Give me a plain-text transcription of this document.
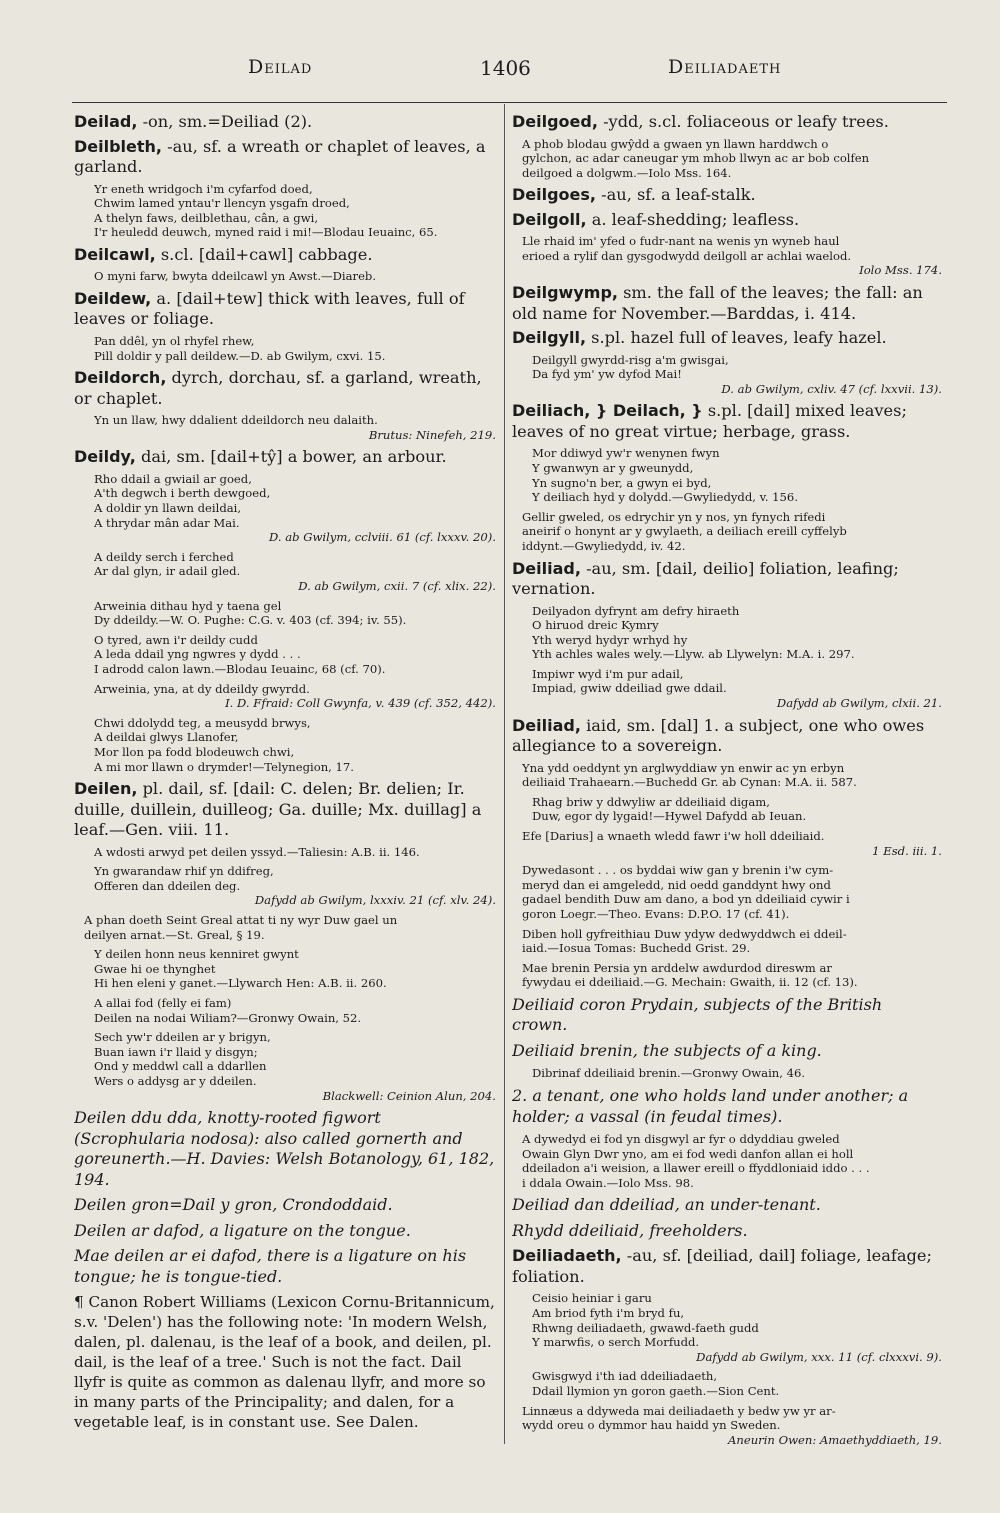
Deilad	1406	Deiliadaeth

Deilad, -on, sm.=Deiliad (2).

Deilbleth, -au, sf. a wreath or chaplet of leaves, a garland.

Yr eneth wridgoch i'm cyfarfod doed,
Chwim lamed yntau'r llencyn ysgafn droed,
A thelyn faws, deilblethau, cân, a gwi,
I'r heuledd deuwch, myned raid i mi!—Blodau Ieuainc, 65.

Deilcawl, s.cl. [dail+cawl] cabbage.

O myni farw, bwyta ddeilcawl yn Awst.—Diareb.

Deildew, a. [dail+tew] thick with leaves, full of leaves or foliage.

Pan ddêl, yn ol rhyfel rhew,
Pill doldir y pall deildew.—D. ab Gwilym, cxvi. 15.

Deildorch, dyrch, dorchau, sf. a garland, wreath, or chaplet.

Yn un llaw, hwy ddalient ddeildorch neu dalaith.
Brutus: Ninefeh, 219.

Deildy, dai, sm. [dail+tŷ] a bower, an arbour.

Rho ddail a gwiail ar goed,
A'th degwch i berth dewgoed,
A doldir yn llawn deildai,
A thrydar mân adar Mai.
D. ab Gwilym, cclviii. 61 (cf. lxxxv. 20).
A deildy serch i ferched
Ar dal glyn, ir adail gled.
D. ab Gwilym, cxii. 7 (cf. xlix. 22).
Arweinia dithau hyd y taena gel
Dy ddeildy.—W. O. Pughe: C.G. v. 403 (cf. 394; iv. 55).
O tyred, awn i'r deildy cudd
A leda ddail yng ngwres y dydd . . .
I adrodd calon lawn.—Blodau Ieuainc, 68 (cf. 70).
Arweinia, yna, at dy ddeildy gwyrdd.
I. D. Ffraid: Coll Gwynfa, v. 439 (cf. 352, 442).
Chwi ddolydd teg, a meusydd brwys,
A deildai glwys Llanofer,
Mor llon pa fodd blodeuwch chwi,
A mi mor llawn o drymder!—Telynegion, 17.

Deilen, pl. dail, sf. [dail: C. delen; Br. delien; Ir. duille, duillein, duilleog; Ga. duille; Mx. duillag] a leaf.—Gen. viii. 11.

A wdosti arwyd pet deilen yssyd.—Taliesin: A.B. ii. 146.
Yn gwarandaw rhif yn ddifreg,
Offeren dan ddeilen deg.
Dafydd ab Gwilym, lxxxiv. 21 (cf. xlv. 24).
A phan doeth Seint Greal attat ti ny wyr Duw gael un
deilyen arnat.—St. Greal, § 19.
Y deilen honn neus kenniret gwynt
Gwae hi oe thynghet
Hi hen eleni y ganet.—Llywarch Hen: A.B. ii. 260.
A allai fod (felly ei fam)
Deilen na nodai Wiliam?—Gronwy Owain, 52.
Sech yw'r ddeilen ar y brigyn,
Buan iawn i'r llaid y disgyn;
Ond y meddwl call a ddarllen
Wers o addysg ar y ddeilen.
Blackwell: Ceinion Alun, 204.

Deilen ddu dda, knotty-rooted figwort (Scrophularia nodosa): also called gornerth and goreunerth.—H. Davies: Welsh Botanology, 61, 182, 194.

Deilen gron=Dail y gron, Crondoddaid.

Deilen ar dafod, a ligature on the tongue.

Mae deilen ar ei dafod, there is a ligature on his tongue; he is tongue-tied.

¶ Canon Robert Williams (Lexicon Cornu-Britannicum, s.v. 'Delen') has the following note: 'In modern Welsh, dalen, pl. dalenau, is the leaf of a book, and deilen, pl. dail, is the leaf of a tree.' Such is not the fact. Dail llyfr is quite as common as dalenau llyfr, and more so in many parts of the Principality; and dalen, for a vegetable leaf, is in constant use. See Dalen.

Deilgoed, -ydd, s.cl. foliaceous or leafy trees.

A phob blodau gwŷdd a gwaen yn llawn harddwch o
gylchon, ac adar caneugar ym mhob llwyn ac ar bob colfen
deilgoed a dolgwm.—Iolo Mss. 164.

Deilgoes, -au, sf. a leaf-stalk.

Deilgoll, a. leaf-shedding; leafless.

Lle rhaid im' yfed o fudr-nant na wenis yn wyneb haul
erioed a rylif dan gysgodwydd deilgoll ar achlai waelod.
Iolo Mss. 174.

Deilgwymp, sm. the fall of the leaves; the fall: an old name for November.—Barddas, i. 414.

Deilgyll, s.pl. hazel full of leaves, leafy hazel.

Deilgyll gwyrdd-risg a'm gwisgai,
Da fyd ym' yw dyfod Mai!
D. ab Gwilym, cxliv. 47 (cf. lxxvii. 13).

Deiliach, } Deilach, } s.pl. [dail] mixed leaves; leaves of no great virtue; herbage, grass.

Mor ddiwyd yw'r wenynen fwyn
Y gwanwyn ar y gweunydd,
Yn sugno'n ber, a gwyn ei byd,
Y deiliach hyd y dolydd.—Gwyliedydd, v. 156.
Gellir gweled, os edrychir yn y nos, yn fynych rifedi
aneirif o honynt ar y gwylaeth, a deiliach ereill cyffelyb
iddynt.—Gwyliedydd, iv. 42.

Deiliad, -au, sm. [dail, deilio] foliation, leafing; vernation.

Deilyadon dyfrynt am defry hiraeth
O hiruod dreic Kymry
Yth weryd hydyr wrhyd hy
Yth achles wales wely.—Llyw. ab Llywelyn: M.A. i. 297.
Impiwr wyd i'm pur adail,
Impiad, gwiw ddeiliad gwe ddail.
Dafydd ab Gwilym, clxii. 21.

Deiliad, iaid, sm. [dal] 1. a subject, one who owes allegiance to a sovereign.

Yna ydd oeddynt yn arglwyddiaw yn enwir ac yn erbyn
deiliaid Trahaearn.—Buchedd Gr. ab Cynan: M.A. ii. 587.
Rhag briw y ddwyliw ar ddeiliaid digam,
Duw, egor dy lygaid!—Hywel Dafydd ab Ieuan.
Efe [Darius] a wnaeth wledd fawr i'w holl ddeiliaid.
1 Esd. iii. 1.
Dywedasont . . . os byddai wiw gan y brenin i'w cym-
meryd dan ei amgeledd, nid oedd ganddynt hwy ond
gadael bendith Duw am dano, a bod yn ddeiliaid cywir i
goron Loegr.—Theo. Evans: D.P.O. 17 (cf. 41).
Diben holl gyfreithiau Duw ydyw dedwyddwch ei ddeil-
iaid.—Iosua Tomas: Buchedd Grist. 29.
Mae brenin Persia yn arddelw awdurdod direswm ar
fywydau ei ddeiliaid.—G. Mechain: Gwaith, ii. 12 (cf. 13).

Deiliaid coron Prydain, subjects of the British crown.

Deiliaid brenin, the subjects of a king.

Dibrinaf ddeiliaid brenin.—Gronwy Owain, 46.

2. a tenant, one who holds land under another; a holder; a vassal (in feudal times).

A dywedyd ei fod yn disgwyl ar fyr o ddyddiau gweled
Owain Glyn Dwr yno, am ei fod wedi danfon allan ei holl
ddeiladon a'i weision, a llawer ereill o ffyddloniaid iddo . . .
i ddala Owain.—Iolo Mss. 98.

Deiliad dan ddeiliad, an under-tenant.

Rhydd ddeiliaid, freeholders.

Deiliadaeth, -au, sf. [deiliad, dail] foliage, leafage; foliation.

Ceisio heiniar i garu
Am briod fyth i'm bryd fu,
Rhwng deiliadaeth, gwawd-faeth gudd
Y marwfis, o serch Morfudd.
Dafydd ab Gwilym, xxx. 11 (cf. clxxxvi. 9).
Gwisgwyd i'th iad ddeiliadaeth,
Ddail llymion yn goron gaeth.—Sion Cent.
Linnæus a ddyweda mai deiliadaeth y bedw yw yr ar-
wydd oreu o dymmor hau haidd yn Sweden.
Aneurin Owen: Amaethyddiaeth, 19.
